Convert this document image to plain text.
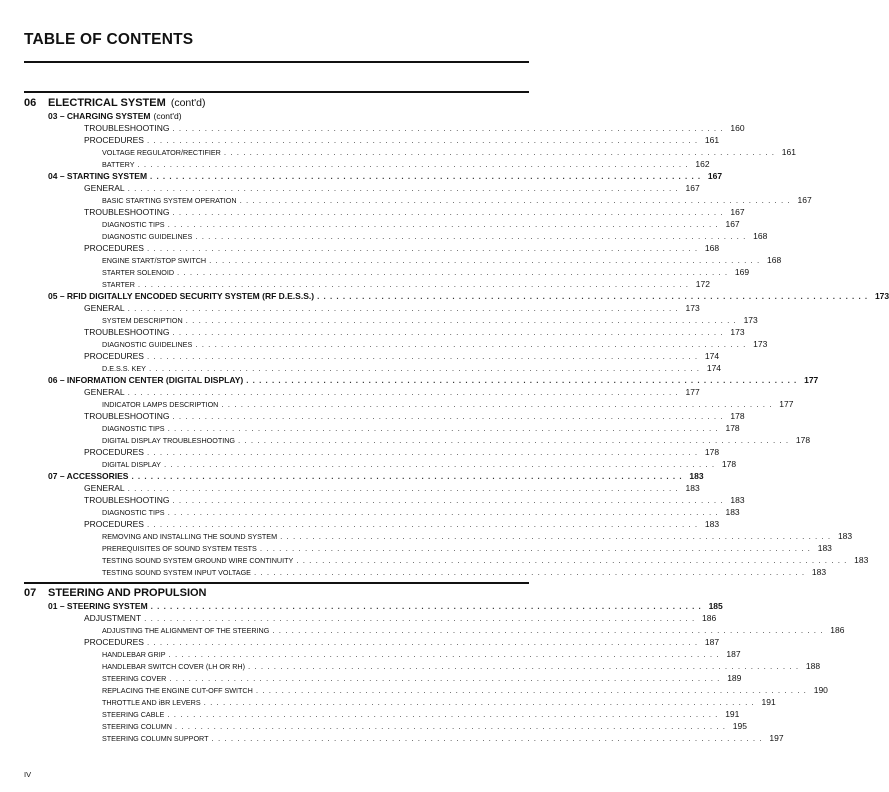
TABLE OF CONTENTS
06 ELECTRICAL SYSTEM (cont'd)
03 – CHARGING SYSTEM (cont'd)
TROUBLESHOOTING . . . . . . . . . . . . . . . . . . . . . . . . . . . . . . . . . . . . . . . . . . . . . . . . . . . . . . . . . . . . . . . . . . . . . . . . . . . . . . . . . . . . . . 160
PROCEDURES . . . . . . . . . . . . . . . . . . . . . . . . . . . . . . . . . . . . . . . . . . . . . . . . . . . . . . . . . . . . . . . . . . . . . . . . . . . . . . . . . . . . . . 161
VOLTAGE REGULATOR/RECTIFIER . . . . . . . . . . . . . . . . . . . . . . . . . . . . . . . . . . . . . . . . . . . . . . . . . . . . . . . . . . . . . . . . . . . . . . . . . . . . . . . . . . . . . . 161
BATTERY . . . . . . . . . . . . . . . . . . . . . . . . . . . . . . . . . . . . . . . . . . . . . . . . . . . . . . . . . . . . . . . . . . . . . . . . . . . . . . . . . . . . . . 162
04 – STARTING SYSTEM . . . . . . . . . . . . . . . . . . . . . . . . . . . . . . . . . . . . . . . . . . . . . . . . . . . . . . . . . . . . . . . . . . . . . . . . . . . . . . . . . . . . . . 167
GENERAL . . . . . . . . . . . . . . . . . . . . . . . . . . . . . . . . . . . . . . . . . . . . . . . . . . . . . . . . . . . . . . . . . . . . . . . . . . . . . . . . . . . . . . 167
BASIC STARTING SYSTEM OPERATION . . . . . . . . . . . . . . . . . . . . . . . . . . . . . . . . . . . . . . . . . . . . . . . . . . . . . . . . . . . . . . . . . . . . . . . . . . . . . . . . . . . . . . 167
TROUBLESHOOTING . . . . . . . . . . . . . . . . . . . . . . . . . . . . . . . . . . . . . . . . . . . . . . . . . . . . . . . . . . . . . . . . . . . . . . . . . . . . . . . . . . . . . . 167
DIAGNOSTIC TIPS . . . . . . . . . . . . . . . . . . . . . . . . . . . . . . . . . . . . . . . . . . . . . . . . . . . . . . . . . . . . . . . . . . . . . . . . . . . . . . . . . . . . . . 167
DIAGNOSTIC GUIDELINES . . . . . . . . . . . . . . . . . . . . . . . . . . . . . . . . . . . . . . . . . . . . . . . . . . . . . . . . . . . . . . . . . . . . . . . . . . . . . . . . . . . . . . 168
PROCEDURES . . . . . . . . . . . . . . . . . . . . . . . . . . . . . . . . . . . . . . . . . . . . . . . . . . . . . . . . . . . . . . . . . . . . . . . . . . . . . . . . . . . . . . 168
ENGINE START/STOP SWITCH . . . . . . . . . . . . . . . . . . . . . . . . . . . . . . . . . . . . . . . . . . . . . . . . . . . . . . . . . . . . . . . . . . . . . . . . . . . . . . . . . . . . . . 168
STARTER SOLENOID . . . . . . . . . . . . . . . . . . . . . . . . . . . . . . . . . . . . . . . . . . . . . . . . . . . . . . . . . . . . . . . . . . . . . . . . . . . . . . . . . . . . . . 169
STARTER . . . . . . . . . . . . . . . . . . . . . . . . . . . . . . . . . . . . . . . . . . . . . . . . . . . . . . . . . . . . . . . . . . . . . . . . . . . . . . . . . . . . . . 172
05 – RFID DIGITALLY ENCODED SECURITY SYSTEM (RF D.E.S.S.) . . . . . . . . . . . . . . . . . . . . . . . . . . . . . . . . . . . . . . . . . . . . . . . . . . . . . . . . . . . . . . . . . . . . . . . . . . . . . . . . . . . . . . 173
GENERAL . . . . . . . . . . . . . . . . . . . . . . . . . . . . . . . . . . . . . . . . . . . . . . . . . . . . . . . . . . . . . . . . . . . . . . . . . . . . . . . . . . . . . . 173
SYSTEM DESCRIPTION . . . . . . . . . . . . . . . . . . . . . . . . . . . . . . . . . . . . . . . . . . . . . . . . . . . . . . . . . . . . . . . . . . . . . . . . . . . . . . . . . . . . . . 173
TROUBLESHOOTING . . . . . . . . . . . . . . . . . . . . . . . . . . . . . . . . . . . . . . . . . . . . . . . . . . . . . . . . . . . . . . . . . . . . . . . . . . . . . . . . . . . . . . 173
DIAGNOSTIC GUIDELINES . . . . . . . . . . . . . . . . . . . . . . . . . . . . . . . . . . . . . . . . . . . . . . . . . . . . . . . . . . . . . . . . . . . . . . . . . . . . . . . . . . . . . . 173
PROCEDURES . . . . . . . . . . . . . . . . . . . . . . . . . . . . . . . . . . . . . . . . . . . . . . . . . . . . . . . . . . . . . . . . . . . . . . . . . . . . . . . . . . . . . . 174
D.E.S.S. KEY . . . . . . . . . . . . . . . . . . . . . . . . . . . . . . . . . . . . . . . . . . . . . . . . . . . . . . . . . . . . . . . . . . . . . . . . . . . . . . . . . . . . . . 174
06 – INFORMATION CENTER (DIGITAL DISPLAY) . . . . . . . . . . . . . . . . . . . . . . . . . . . . . . . . . . . . . . . . . . . . . . . . . . . . . . . . . . . . . . . . . . . . . . . . . . . . . . . . . . . . . . 177
GENERAL . . . . . . . . . . . . . . . . . . . . . . . . . . . . . . . . . . . . . . . . . . . . . . . . . . . . . . . . . . . . . . . . . . . . . . . . . . . . . . . . . . . . . . 177
INDICATOR LAMPS DESCRIPTION . . . . . . . . . . . . . . . . . . . . . . . . . . . . . . . . . . . . . . . . . . . . . . . . . . . . . . . . . . . . . . . . . . . . . . . . . . . . . . . . . . . . . . 177
TROUBLESHOOTING . . . . . . . . . . . . . . . . . . . . . . . . . . . . . . . . . . . . . . . . . . . . . . . . . . . . . . . . . . . . . . . . . . . . . . . . . . . . . . . . . . . . . . 178
DIAGNOSTIC TIPS . . . . . . . . . . . . . . . . . . . . . . . . . . . . . . . . . . . . . . . . . . . . . . . . . . . . . . . . . . . . . . . . . . . . . . . . . . . . . . . . . . . . . . 178
DIGITAL DISPLAY TROUBLESHOOTING . . . . . . . . . . . . . . . . . . . . . . . . . . . . . . . . . . . . . . . . . . . . . . . . . . . . . . . . . . . . . . . . . . . . . . . . . . . . . . . . . . . . . . 178
PROCEDURES . . . . . . . . . . . . . . . . . . . . . . . . . . . . . . . . . . . . . . . . . . . . . . . . . . . . . . . . . . . . . . . . . . . . . . . . . . . . . . . . . . . . . . 178
DIGITAL DISPLAY . . . . . . . . . . . . . . . . . . . . . . . . . . . . . . . . . . . . . . . . . . . . . . . . . . . . . . . . . . . . . . . . . . . . . . . . . . . . . . . . . . . . . . 178
07 – ACCESSORIES . . . . . . . . . . . . . . . . . . . . . . . . . . . . . . . . . . . . . . . . . . . . . . . . . . . . . . . . . . . . . . . . . . . . . . . . . . . . . . . . . . . . . . 183
GENERAL . . . . . . . . . . . . . . . . . . . . . . . . . . . . . . . . . . . . . . . . . . . . . . . . . . . . . . . . . . . . . . . . . . . . . . . . . . . . . . . . . . . . . . 183
TROUBLESHOOTING . . . . . . . . . . . . . . . . . . . . . . . . . . . . . . . . . . . . . . . . . . . . . . . . . . . . . . . . . . . . . . . . . . . . . . . . . . . . . . . . . . . . . . 183
DIAGNOSTIC TIPS . . . . . . . . . . . . . . . . . . . . . . . . . . . . . . . . . . . . . . . . . . . . . . . . . . . . . . . . . . . . . . . . . . . . . . . . . . . . . . . . . . . . . . 183
PROCEDURES . . . . . . . . . . . . . . . . . . . . . . . . . . . . . . . . . . . . . . . . . . . . . . . . . . . . . . . . . . . . . . . . . . . . . . . . . . . . . . . . . . . . . . 183
REMOVING AND INSTALLING THE SOUND SYSTEM . . . . . . . . . . . . . . . . . . . . . . . . . . . . . . . . . . . . . . . . . . . . . . . . . . . . . . . . . . . . . . . . . . . . . . . . . . . . . . . . . . . . . . 183
PREREQUISITES OF SOUND SYSTEM TESTS . . . . . . . . . . . . . . . . . . . . . . . . . . . . . . . . . . . . . . . . . . . . . . . . . . . . . . . . . . . . . . . . . . . . . . . . . . . . . . . . . . . . . . 183
TESTING SOUND SYSTEM GROUND WIRE CONTINUITY . . . . . . . . . . . . . . . . . . . . . . . . . . . . . . . . . . . . . . . . . . . . . . . . . . . . . . . . . . . . . . . . . . . . . . . . . . . . . . . . . . . . . . 183
TESTING SOUND SYSTEM INPUT VOLTAGE . . . . . . . . . . . . . . . . . . . . . . . . . . . . . . . . . . . . . . . . . . . . . . . . . . . . . . . . . . . . . . . . . . . . . . . . . . . . . . . . . . . . . . 183
07 STEERING AND PROPULSION
01 – STEERING SYSTEM . . . . . . . . . . . . . . . . . . . . . . . . . . . . . . . . . . . . . . . . . . . . . . . . . . . . . . . . . . . . . . . . . . . . . . . . . . . . . . . . . . . . . . 185
ADJUSTMENT . . . . . . . . . . . . . . . . . . . . . . . . . . . . . . . . . . . . . . . . . . . . . . . . . . . . . . . . . . . . . . . . . . . . . . . . . . . . . . . . . . . . . . 186
ADJUSTING THE ALIGNMENT OF THE STEERING . . . . . . . . . . . . . . . . . . . . . . . . . . . . . . . . . . . . . . . . . . . . . . . . . . . . . . . . . . . . . . . . . . . . . . . . . . . . . . . . . . . . . . 186
PROCEDURES . . . . . . . . . . . . . . . . . . . . . . . . . . . . . . . . . . . . . . . . . . . . . . . . . . . . . . . . . . . . . . . . . . . . . . . . . . . . . . . . . . . . . . 187
HANDLEBAR GRIP . . . . . . . . . . . . . . . . . . . . . . . . . . . . . . . . . . . . . . . . . . . . . . . . . . . . . . . . . . . . . . . . . . . . . . . . . . . . . . . . . . . . . . 187
HANDLEBAR SWITCH COVER (LH OR RH) . . . . . . . . . . . . . . . . . . . . . . . . . . . . . . . . . . . . . . . . . . . . . . . . . . . . . . . . . . . . . . . . . . . . . . . . . . . . . . . . . . . . . . 188
STEERING COVER . . . . . . . . . . . . . . . . . . . . . . . . . . . . . . . . . . . . . . . . . . . . . . . . . . . . . . . . . . . . . . . . . . . . . . . . . . . . . . . . . . . . . . 189
REPLACING THE ENGINE CUT-OFF SWITCH . . . . . . . . . . . . . . . . . . . . . . . . . . . . . . . . . . . . . . . . . . . . . . . . . . . . . . . . . . . . . . . . . . . . . . . . . . . . . . . . . . . . . . 190
THROTTLE AND iBR LEVERS . . . . . . . . . . . . . . . . . . . . . . . . . . . . . . . . . . . . . . . . . . . . . . . . . . . . . . . . . . . . . . . . . . . . . . . . . . . . . . . . . . . . . . 191
STEERING CABLE . . . . . . . . . . . . . . . . . . . . . . . . . . . . . . . . . . . . . . . . . . . . . . . . . . . . . . . . . . . . . . . . . . . . . . . . . . . . . . . . . . . . . . 191
STEERING COLUMN . . . . . . . . . . . . . . . . . . . . . . . . . . . . . . . . . . . . . . . . . . . . . . . . . . . . . . . . . . . . . . . . . . . . . . . . . . . . . . . . . . . . . . 195
STEERING COLUMN SUPPORT . . . . . . . . . . . . . . . . . . . . . . . . . . . . . . . . . . . . . . . . . . . . . . . . . . . . . . . . . . . . . . . . . . . . . . . . . . . . . . . . . . . . . . 197
IV
